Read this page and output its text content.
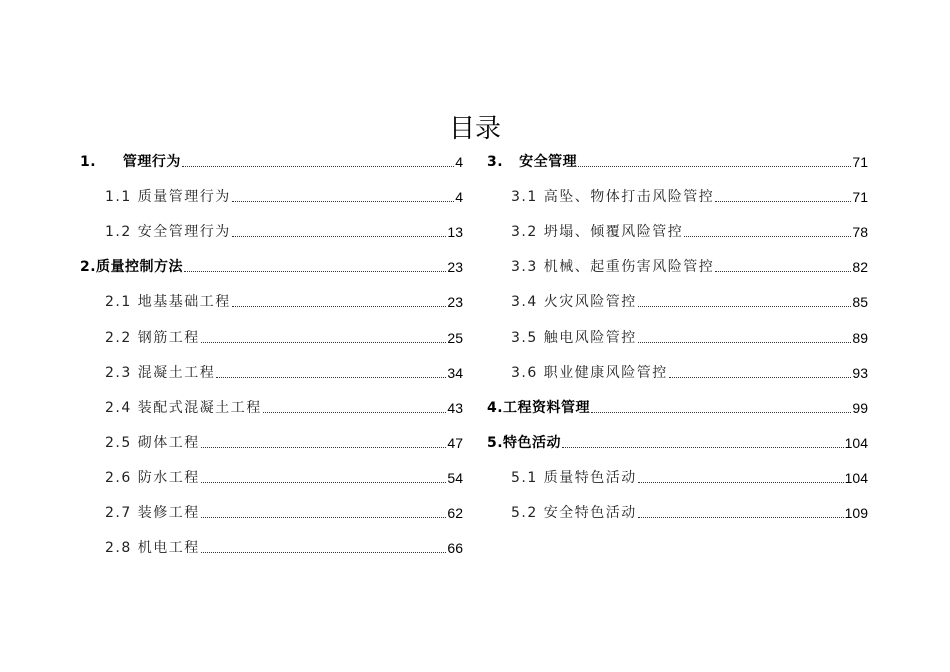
目录
1.     管理行为	4
1.1 质量管理行为	4
1.2 安全管理行为	13
2.质量控制方法	23
2.1 地基基础工程	23
2.2 钢筋工程	25
2.3 混凝土工程	34
2.4 装配式混凝土工程	43
2.5 砌体工程	47
2.6 防水工程	54
2.7 装修工程	62
2.8 机电工程	66
3.   安全管理	71
3.1 高坠、物体打击风险管控	71
3.2 坍塌、倾覆风险管控	78
3.3 机械、起重伤害风险管控	82
3.4 火灾风险管控	85
3.5 触电风险管控	89
3.6 职业健康风险管控	93
4.工程资料管理	99
5.特色活动	104
5.1 质量特色活动	104
5.2 安全特色活动	109
